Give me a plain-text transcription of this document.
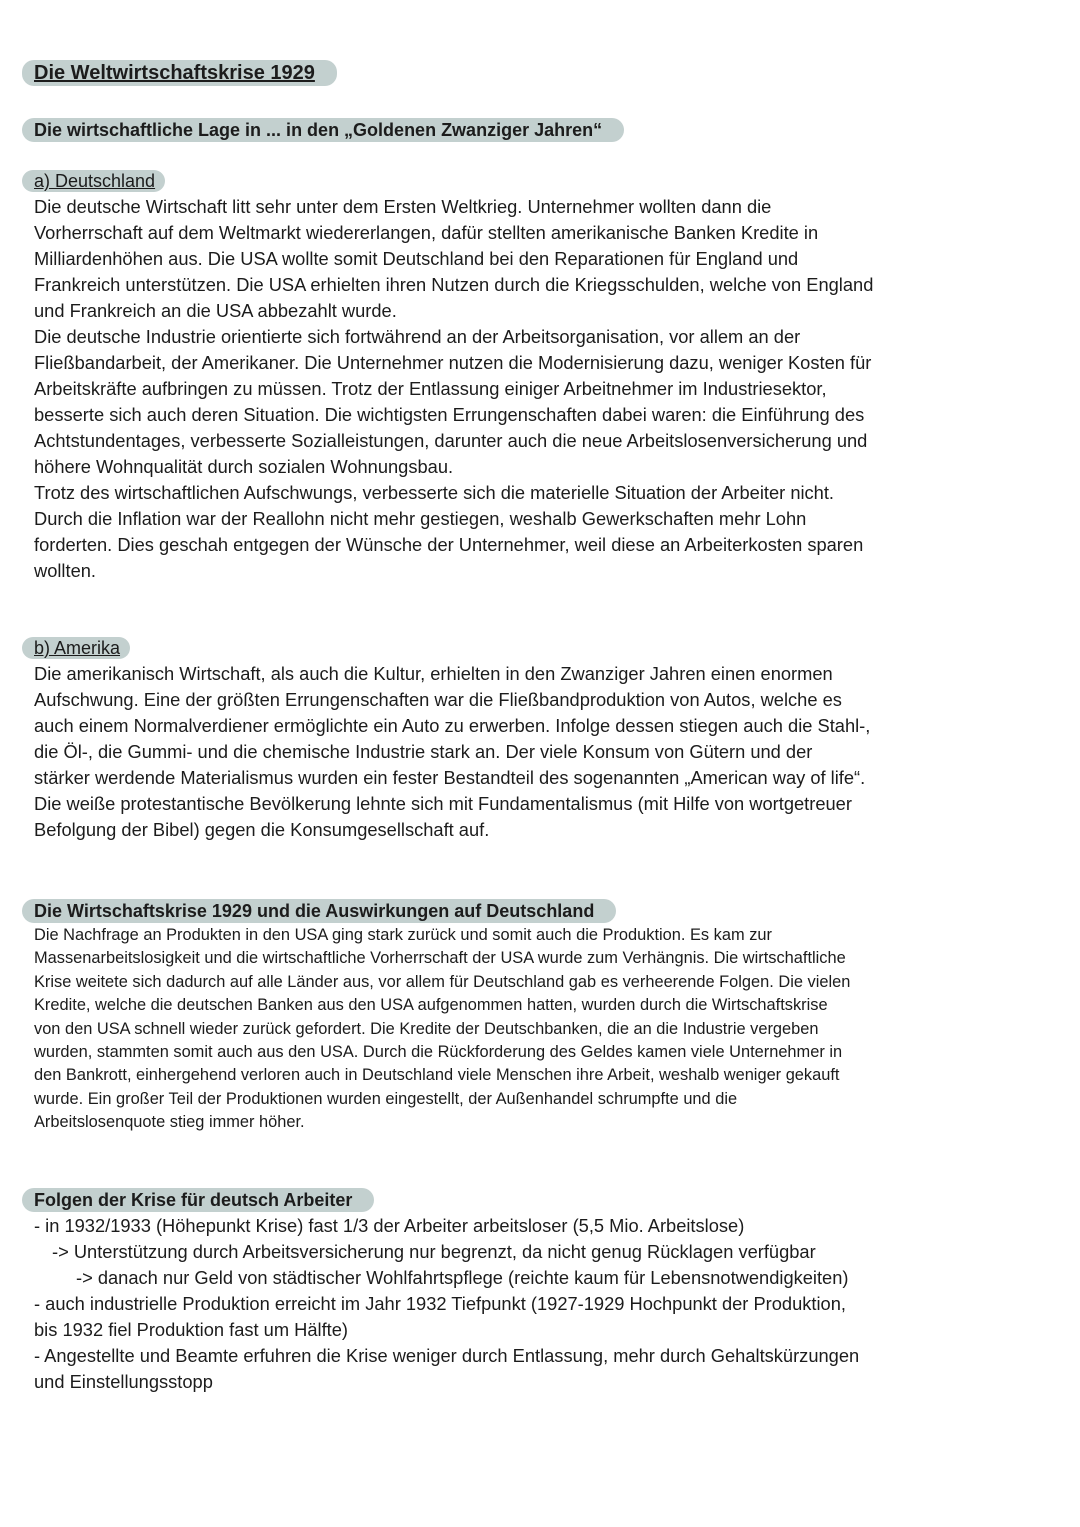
Die Weltwirtschaftskrise 1929
Die wirtschaftliche Lage in ... in den „Goldenen Zwanziger Jahren“
a) Deutschland

Die deutsche Wirtschaft litt sehr unter dem Ersten Weltkrieg. Unternehmer wollten dann die

Vorherrschaft auf dem Weltmarkt wiedererlangen, dafür stellten amerikanische Banken Kredite in

Milliardenhöhen aus. Die USA wollte somit Deutschland bei den Reparationen für England und

Frankreich unterstützen. Die USA erhielten ihren Nutzen durch die Kriegsschulden, welche von England

und Frankreich an die USA abbezahlt wurde.

Die deutsche Industrie orientierte sich fortwährend an der Arbeitsorganisation, vor allem an der

Fließbandarbeit, der Amerikaner. Die Unternehmer nutzen die Modernisierung dazu, weniger Kosten für

Arbeitskräfte aufbringen zu müssen. Trotz der Entlassung einiger Arbeitnehmer im Industriesektor,

besserte sich auch deren Situation. Die wichtigsten Errungenschaften dabei waren: die Einführung des

Achtstundentages, verbesserte Sozialleistungen, darunter auch die neue Arbeitslosenversicherung und

höhere Wohnqualität durch sozialen Wohnungsbau.

Trotz des wirtschaftlichen Aufschwungs, verbesserte sich die materielle Situation der Arbeiter nicht.

Durch die Inflation war der Reallohn nicht mehr gestiegen, weshalb Gewerkschaften mehr Lohn

forderten. Dies geschah entgegen der Wünsche der Unternehmer, weil diese an Arbeiterkosten sparen

wollten.

b) Amerika

Die amerikanisch Wirtschaft, als auch die Kultur, erhielten in den Zwanziger Jahren einen enormen

Aufschwung. Eine der größten Errungenschaften war die Fließbandproduktion von Autos, welche es

auch einem Normalverdiener ermöglichte ein Auto zu erwerben. Infolge dessen stiegen auch die Stahl-,

die Öl-, die Gummi- und die chemische Industrie stark an. Der viele Konsum von Gütern und der

stärker werdende Materialismus wurden ein fester Bestandteil des sogenannten „American way of life“.

Die weiße protestantische Bevölkerung lehnte sich mit Fundamentalismus (mit Hilfe von wortgetreuer

Befolgung der Bibel) gegen die Konsumgesellschaft auf.

Die Wirtschaftskrise 1929 und die Auswirkungen auf Deutschland

Die Nachfrage an Produkten in den USA ging stark zurück und somit auch die Produktion. Es kam zur

Massenarbeitslosigkeit und die wirtschaftliche Vorherrschaft der USA wurde zum Verhängnis. Die wirtschaftliche

Krise weitete sich dadurch auf alle Länder aus, vor allem für Deutschland gab es verheerende Folgen. Die vielen

Kredite, welche die deutschen Banken aus den USA aufgenommen hatten, wurden durch die Wirtschaftskrise

von den USA schnell wieder zurück gefordert. Die Kredite der Deutschbanken, die an die Industrie vergeben

wurden, stammten somit auch aus den USA. Durch die Rückforderung des Geldes kamen viele Unternehmer in

den Bankrott, einhergehend verloren auch in Deutschland viele Menschen ihre Arbeit, weshalb weniger gekauft

wurde. Ein großer Teil der Produktionen wurden eingestellt, der Außenhandel schrumpfte und die

Arbeitslosenquote stieg immer höher.

Folgen der Krise für deutsch Arbeiter

- in 1932/1933 (Höhepunkt Krise) fast 1/3 der Arbeiter arbeitsloser (5,5 Mio. Arbeitslose)

-> Unterstützung durch Arbeitsversicherung nur begrenzt, da nicht genug Rücklagen verfügbar

-> danach nur Geld von städtischer Wohlfahrtspflege (reichte kaum für Lebensnotwendigkeiten)

- auch industrielle Produktion erreicht im Jahr 1932 Tiefpunkt (1927-1929 Hochpunkt der Produktion,

bis 1932 fiel Produktion fast um Hälfte)

- Angestellte und Beamte erfuhren die Krise weniger durch Entlassung, mehr durch Gehaltskürzungen

und Einstellungsstopp
